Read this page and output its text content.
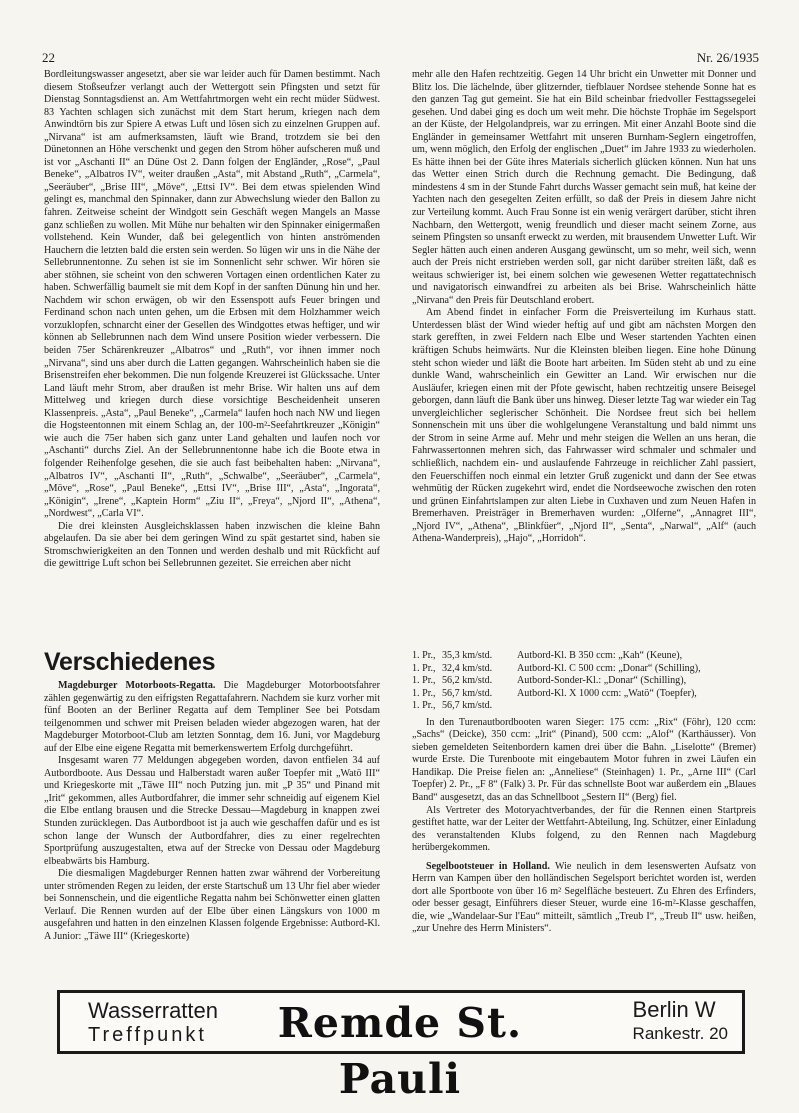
22	Nr. 26/1935

Bordleitungswasser angesetzt, aber sie war leider auch für Damen bestimmt. Nach diesem Stoßseufzer verlangt auch der Wettergott sein Pfingsten und setzt für Dienstag Sonntagsdienst an. Am Wettfahrtmorgen weht ein recht müder Südwest. 83 Yachten schlagen sich zunächst mit dem Start herum, kriegen nach dem Anwindtörn bis zur Spiere A etwas Luft und lösen sich zu einzelnen Gruppen auf. „Nirvana“ ist am aufmerksamsten, läuft wie Brand, trotzdem sie bei den Dünetonnen an Höhe verschenkt und gegen den Strom höher aufscheren muß und ist vor „Aschanti II“ an Düne Ost 2. Dann folgen der Engländer, „Rose“, „Paul Beneke“, „Albatros IV“, weiter draußen „Asta“, mit Abstand „Ruth“, „Carmela“, „Seeräuber“, „Brise III“, „Möve“, „Ettsi IV“. Bei dem etwas spielenden Wind gelingt es, manchmal den Spinnaker, dann zur Abwechslung wieder den Ballon zu fahren. Zeitweise scheint der Windgott sein Geschäft wegen Mangels an Masse ganz schließen zu wollen. Mit Mühe nur behalten wir den Spinnaker einigermaßen vollstehend. Kein Wunder, daß bei gelegentlich von hinten anströmenden Hauchern die letzten bald die ersten sein werden. So lügen wir uns in die Nähe der Sellebrunnentonne. Zu sehen ist sie im Sonnenlicht sehr schwer. Wir hören sie aber stöhnen, sie scheint von den schweren Vortagen einen ordentlichen Kater zu haben. Schwerfällig baumelt sie mit dem Kopf in der sanften Dünung hin und her. Nachdem wir schon erwägen, ob wir den Essenspott aufs Feuer bringen und Ferdinand schon nach unten gehen, um die Erbsen mit dem Holzhammer weich vorzuklopfen, schnarcht einer der Gesellen des Windgottes etwas heftiger, und wir können ab Sellebrunnen nach dem Wind unsere Position wieder verbessern. Die beiden 75er Schärenkreuzer „Albatros“ und „Ruth“, vor ihnen immer noch „Nirvana“, sind uns aber durch die Latten gegangen. Wahrscheinlich haben sie die Brisenstreifen eher bekommen. Die nun folgende Kreuzerei ist Glückssache. Unter Land läuft mehr Strom, aber draußen ist mehr Brise. Wir halten uns auf dem Mittelweg und kriegen durch diese vorsichtige Bescheidenheit unseren Klassenpreis. „Asta“, „Paul Beneke“, „Carmela“ laufen hoch nach NW und liegen die Hogsteentonnen mit einem Schlag an, der 100-m²-Seefahrtkreuzer „Königin“ wie auch die 75er haben sich ganz unter Land gehalten und laufen noch vor „Aschanti“ durchs Ziel. An der Sellebrunnentonne habe ich die Boote etwa in folgender Reihenfolge gesehen, die sie auch fast beibehalten haben: „Nirvana“, „Albatros IV“, „Aschanti II“, „Ruth“, „Schwalbe“, „Seeräuber“, „Carmela“, „Möve“, „Rose“, „Paul Beneke“, „Ettsi IV“, „Brise III“, „Asta“, „Ingorata“, „Königin“, „Irene“, „Kaptein Horm“ „Ziu II“, „Freya“, „Njord II“, „Athena“, „Nordwest“, „Carla VI“.

Die drei kleinsten Ausgleichsklassen haben inzwischen die kleine Bahn abgelaufen. Da sie aber bei dem geringen Wind zu spät gestartet sind, haben sie Stromschwierigkeiten an den Tonnen und werden deshalb und mit Rückficht auf die gewittrige Luft schon bei Sellebrunnen gezeitet. Sie erreichen aber nicht

mehr alle den Hafen rechtzeitig. Gegen 14 Uhr bricht ein Unwetter mit Donner und Blitz los. Die lächelnde, über glitzernder, tiefblauer Nordsee stehende Sonne hat es den ganzen Tag gut gemeint. Sie hat ein Bild scheinbar friedvoller Festtagssegelei gesehen. Und dabei ging es doch um weit mehr. Die höchste Trophäe im Segelsport an der Küste, der Helgolandpreis, war zu erringen. Mit einer Anzahl Boote sind die Engländer in gemeinsamer Wettfahrt mit unseren Burnham-Seglern eingetroffen, um, wenn möglich, den Erfolg der englischen „Duet“ im Jahre 1933 zu wiederholen. Es hätte ihnen bei der Güte ihres Materials sicherlich glücken können. Nun hat uns das Wetter einen Strich durch die Rechnung gemacht. Die Bedingung, daß mindestens 4 sm in der Stunde Fahrt durchs Wasser gemacht sein muß, hat keine der Yachten nach den gesegelten Zeiten erfüllt, so daß der Preis in diesem Jahre nicht zur Verteilung kommt. Auch Frau Sonne ist ein wenig verärgert darüber, sticht ihren Nachbarn, den Wettergott, wenig freundlich und dieser macht seinem Zorne, aus seinem Pfingsten so unsanft erweckt zu werden, mit brausendem Unwetter Luft. Wir Segler hätten auch einen anderen Ausgang gewünscht, um so mehr, weil sich, wenn auch der Preis nicht erstrieben werden soll, gar nicht darüber streiten läßt, daß es weitaus schwieriger ist, bei einem solchen wie gewesenen Wetter regattatechnisch und navigatorisch einwandfrei zu arbeiten als bei Brise. Wahrscheinlich hätte „Nirvana“ den Preis für Deutschland erobert.

Am Abend findet in einfacher Form die Preisverteilung im Kurhaus statt. Unterdessen bläst der Wind wieder heftig auf und gibt am nächsten Morgen den stark gerefften, in zwei Feldern nach Elbe und Weser startenden Yachten einen kräftigen Schubs heimwärts. Nur die Kleinsten bleiben liegen. Eine hohe Dünung steht schon wieder und läßt die Boote hart arbeiten. Im Süden steht ab und zu eine dunkle Wand, wahrscheinlich ein Gewitter an Land. Wir erwischen nur die Ausläufer, kriegen einen mit der Pfote gewischt, haben rechtzeitig unsere Beisegel geborgen, dann läuft die Bank über uns hinweg. Dieser letzte Tag war wieder ein Tag unvergleichlicher seglerischer Schönheit. Die Nordsee freut sich bei hellem Sonnenschein mit uns über die wohlgelungene Veranstaltung und bald nimmt uns der Strom in seine Arme auf. Mehr und mehr steigen die Wellen an uns heran, die Fahrwassertonnen mehren sich, das Fahrwasser wird schmaler und schmaler und schließlich, nachdem ein- und auslaufende Fahrzeuge in reichlicher Zahl passiert, den Feuerschiffen noch einmal ein letzter Gruß zugenickt und dann der See etwas wehmütig der Rücken zugekehrt wird, endet die Nordseewoche zwischen den roten und grünen Einfahrtslampen zur alten Liebe in Cuxhaven und zum Neuen Hafen in Bremerhaven. Preisträger in Bremerhaven wurden: „Olferne“, „Annagret III“, „Njord IV“, „Athena“, „Blinkfüer“, „Njord II“, „Senta“, „Narwal“, „Alf“ (auch Athena-Wanderpreis), „Hajo“, „Horridoh“.

Verschiedenes

Magdeburger Motorboots-Regatta. Die Magdeburger Motorbootsfahrer zählen gegenwärtig zu den eifrigsten Regattafahrern. Nachdem sie kurz vorher mit fünf Booten an der Berliner Regatta auf dem Templiner See bei Potsdam teilgenommen und schwer mit Preisen beladen wieder abgezogen waren, hat der Magdeburger Motorboot-Club am letzten Sonntag, dem 16. Juni, vor Magdeburg auf der Elbe eine eigene Regatta mit bemerkenswertem Erfolg durchgeführt.

Insgesamt waren 77 Meldungen abgegeben worden, davon entfielen 34 auf Autbordboote. Aus Dessau und Halberstadt waren außer Toepfer mit „Watö III“ und Kriegeskorte mit „Täwe III“ noch Putzing jun. mit „P 35“ und Pinand mit „Irit“ gekommen, alles Autbordfahrer, die immer sehr schneidig auf eigenem Kiel die Elbe entlang brausen und die Strecke Dessau—Magdeburg in knappen zwei Stunden zurücklegen. Das Autbordboot ist ja auch wie geschaffen dafür und es ist schon lange der Wunsch der Autbordfahrer, dies zu einer regelrechten Sportprüfung auszugestalten, etwa auf der Strecke von Dessau oder Magdeburg elbeabwärts bis Hamburg.

Die diesmaligen Magdeburger Rennen hatten zwar während der Vorbereitung unter strömenden Regen zu leiden, der erste Startschuß um 13 Uhr fiel aber wieder bei Sonnenschein, und die eigentliche Regatta nahm bei Schönwetter einen glatten Verlauf. Die Rennen wurden auf der Elbe über einen Längskurs von 1000 m ausgefahren und hatten in den einzelnen Klassen folgende Ergebnisse: Autbord-Kl. A Junior: „Täwe III“ (Kriegeskorte)

1. Pr., 35,3 km/std.	Autbord-Kl. B 350 ccm: „Kah“ (Keune),
1. Pr., 32,4 km/std.	Autbord-Kl. C 500 ccm: „Donar“ (Schilling),
1. Pr., 56,2 km/std.	Autbord-Sonder-Kl.: „Donar“ (Schilling),
1. Pr., 56,7 km/std.	Autbord-Kl. X 1000 ccm: „Watö“ (Toepfer),
1. Pr., 56,7 km/std.

In den Turenautbordbooten waren Sieger: 175 ccm: „Rix“ (Föhr), 120 ccm: „Sachs“ (Deicke), 350 ccm: „Irit“ (Pinand), 500 ccm: „Alof“ (Karthäusser). Von sieben gemeldeten Seitenbordern kamen drei über die Bahn. „Liselotte“ (Bremer) wurde Erste. Die Turenboote mit eingebautem Motor fuhren in zwei Läufen ein Handikap. Die Preise fielen an: „Anneliese“ (Steinhagen) 1. Pr., „Arne III“ (Carl Toepfer) 2. Pr., „F 8“ (Falk) 3. Pr. Für das schnellste Boot war außerdem ein „Blaues Band“ ausgesetzt, das an das Schnellboot „Sestern II“ (Berg) fiel.

Als Vertreter des Motoryachtverbandes, der für die Rennen einen Startpreis gestiftet hatte, war der Leiter der Wettfahrt-Abteilung, Ing. Schützer, einer Einladung des veranstaltenden Klubs folgend, zu den Rennen nach Magdeburg herübergekommen.

Segelbootsteuer in Holland. Wie neulich in dem lesenswerten Aufsatz von Herrn van Kampen über den holländischen Segelsport berichtet worden ist, werden dort alle Sportboote von über 16 m² Segelfläche besteuert. Zu Ehren des Erfinders, oder besser gesagt, Einführers dieser Steuer, wurde eine 16-m²-Klasse geschaffen, die, wie „Wandelaar-Sur l'Eau“ mitteilt, sämtlich „Treub I“, „Treub II“ usw. heißen, „zur Unehre des Herrn Ministers“.

Wasserratten
Treffpunkt	Remde St. Pauli
Berlin W
Rankestr. 20
